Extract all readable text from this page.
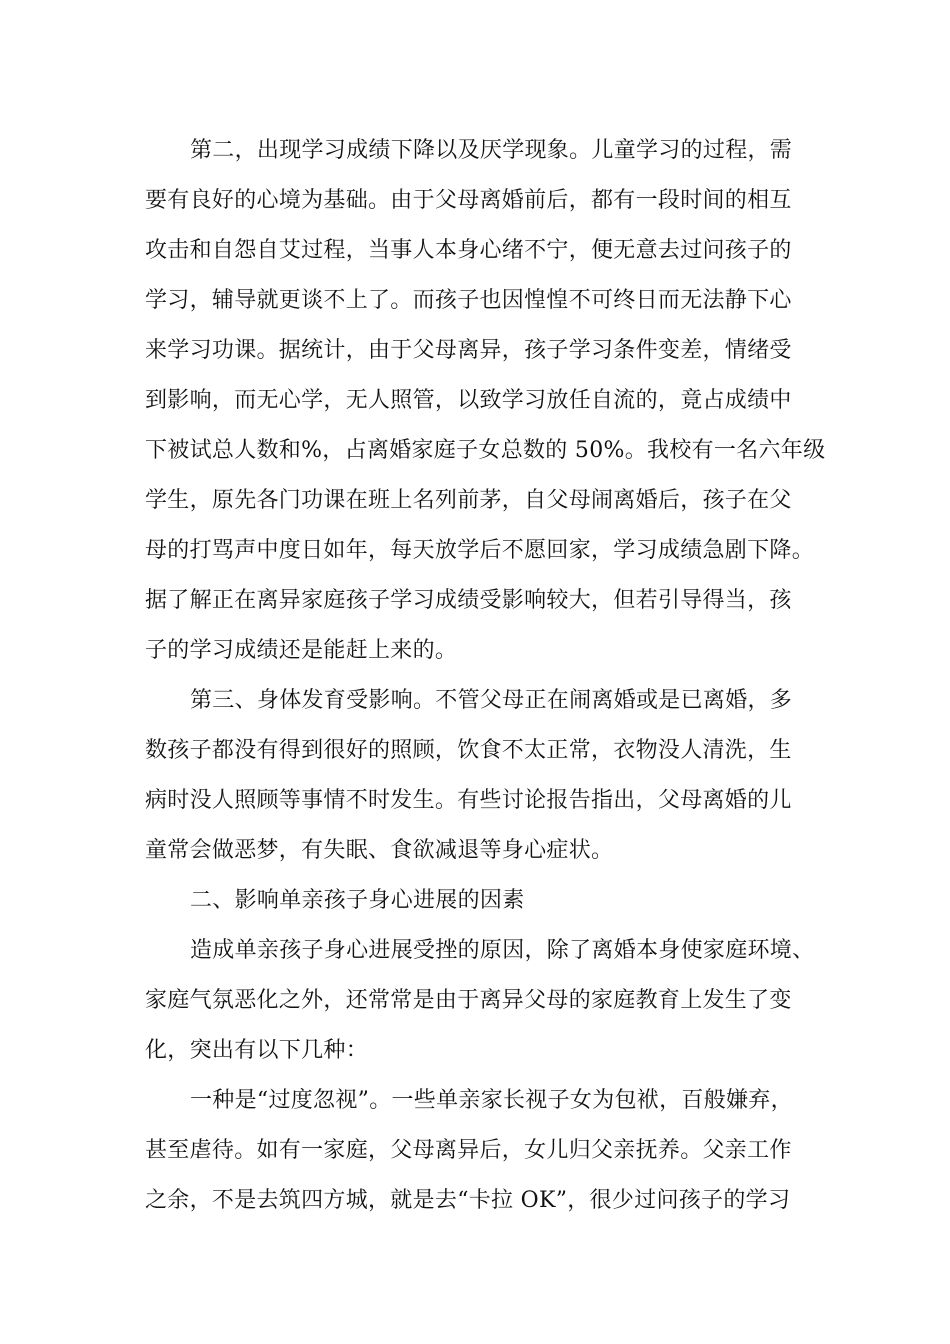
第二，出现学习成绩下降以及厌学现象。儿童学习的过程，需
要有良好的心境为基础。由于父母离婚前后，都有一段时间的相互
攻击和自怨自艾过程，当事人本身心绪不宁，便无意去过问孩子的
学习，辅导就更谈不上了。而孩子也因惶惶不可终日而无法静下心
来学习功课。据统计，由于父母离异，孩子学习条件变差，情绪受
到影响，而无心学，无人照管，以致学习放任自流的，竟占成绩中
下被试总人数和%，占离婚家庭子女总数的 50%。我校有一名六年级
学生，原先各门功课在班上名列前茅，自父母闹离婚后，孩子在父
母的打骂声中度日如年，每天放学后不愿回家，学习成绩急剧下降。
据了解正在离异家庭孩子学习成绩受影响较大，但若引导得当，孩
子的学习成绩还是能赶上来的。
第三、身体发育受影响。不管父母正在闹离婚或是已离婚，多
数孩子都没有得到很好的照顾，饮食不太正常，衣物没人清洗，生
病时没人照顾等事情不时发生。有些讨论报告指出，父母离婚的儿
童常会做恶梦，有失眠、食欲减退等身心症状。
二、影响单亲孩子身心进展的因素
造成单亲孩子身心进展受挫的原因，除了离婚本身使家庭环境、
家庭气氛恶化之外，还常常是由于离异父母的家庭教育上发生了变
化，突出有以下几种：
一种是“过度忽视”。一些单亲家长视子女为包袱，百般嫌弃，
甚至虐待。如有一家庭，父母离异后，女儿归父亲抚养。父亲工作
之余，不是去筑四方城，就是去“卡拉 OK”，很少过问孩子的学习
